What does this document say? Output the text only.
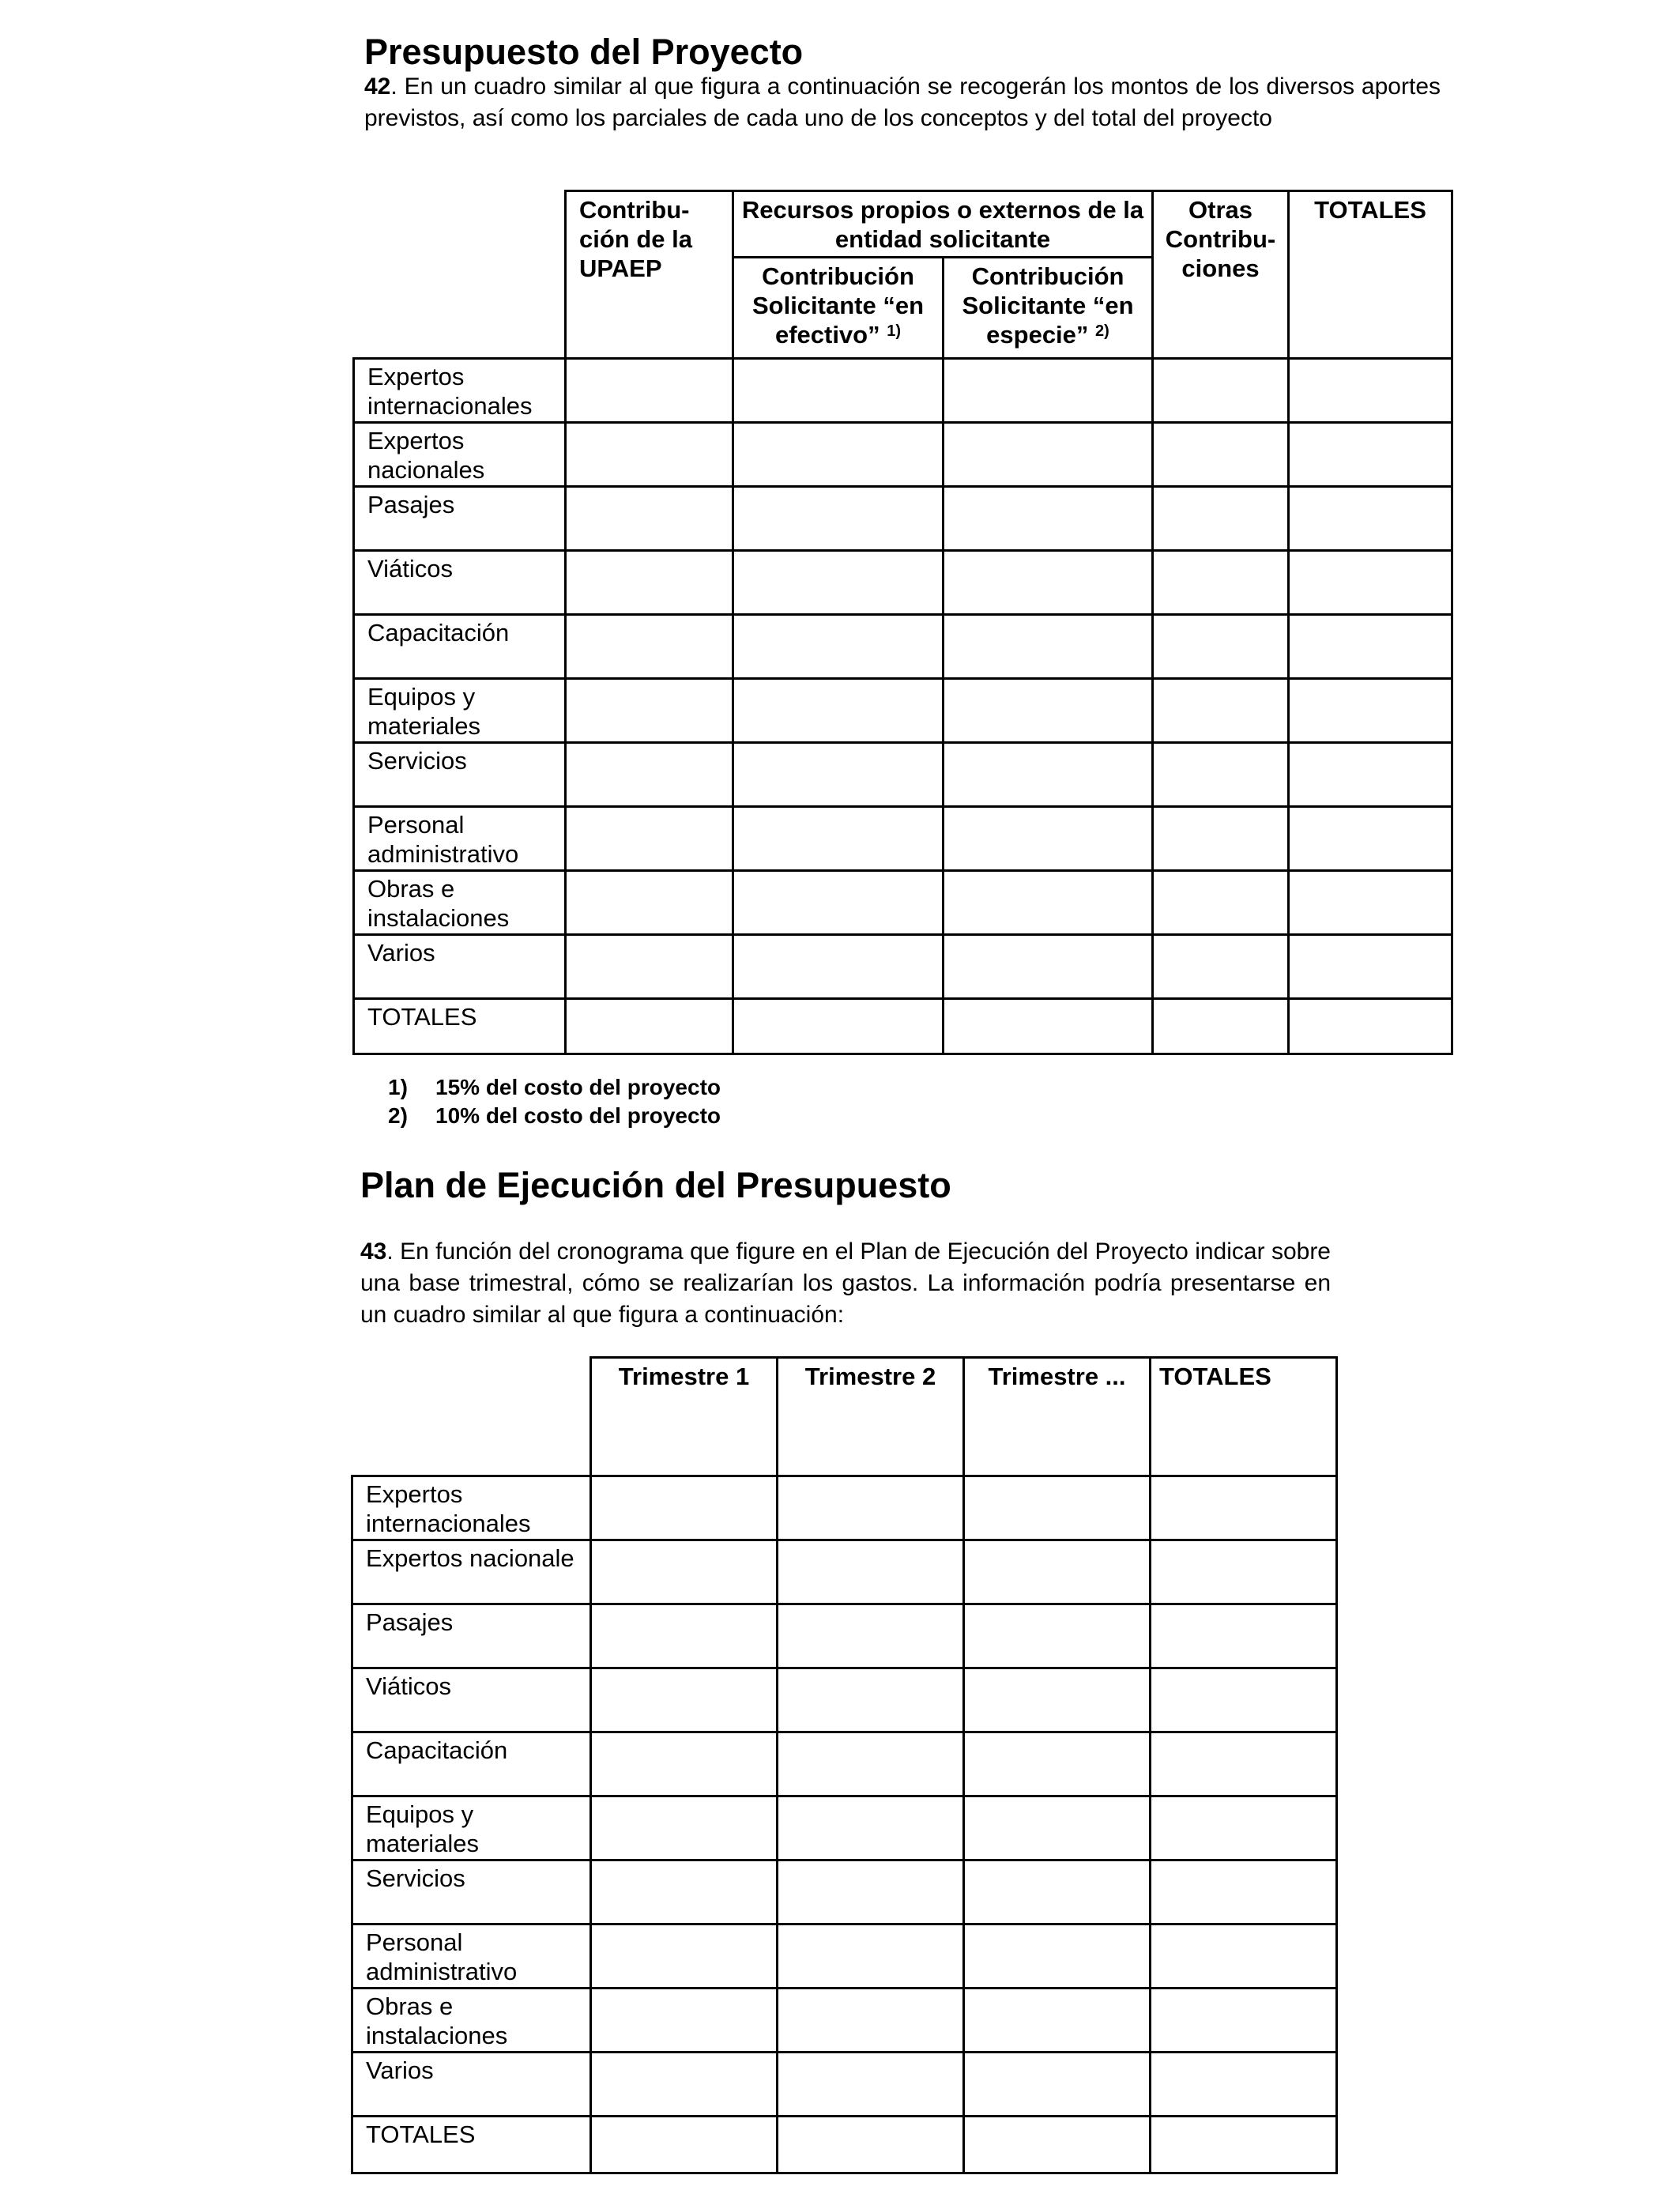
Presupuesto del Proyecto

42. En un cuadro similar al que figura a continuación se recogerán los montos de los diversos aportes previstos, así como los parciales de cada uno de los conceptos y del total del proyecto

	Contribu-ción de la UPAEP	Recursos propios o externos de la entidad solicitante		Otras Contribu-ciones	TOTALES
		Contribución Solicitante “en efectivo” $^{1)}$	Contribución Solicitante “en especie” $^{2)}$
Expertos internacionales					
Expertos nacionales					
Pasajes					
Viáticos					
Capacitación					
Equipos y materiales					
Servicios					
Personal administrativo					
Obras e instalaciones					
Varios					
TOTALES					
1) 15% del costo del proyecto
2) 10% del costo del proyecto
Plan de Ejecución del Presupuesto

43. En función del cronograma que figure en el Plan de Ejecución del Proyecto indicar sobre una base trimestral, cómo se realizarían los gastos. La información podría presentarse en un cuadro similar al que figura a continuación:

	Trimestre 1	Trimestre 2	Trimestre ...	TOTALES
Expertos internacionales				
Expertos nacionale				
Pasajes				
Viáticos				
Capacitación				
Equipos y materiales				
Servicios				
Personal administrativo				
Obras e instalaciones				
Varios				
TOTALES				
